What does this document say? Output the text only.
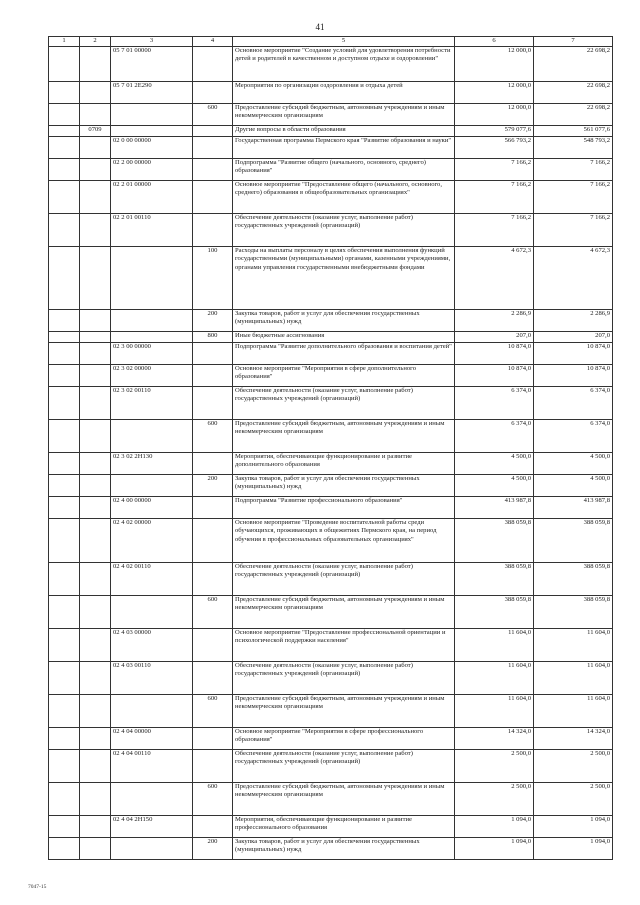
41
1	2	3	4	5	6	7
		05 7 01 00000		Основное мероприятие "Создание условий для удовлетворения потребности детей и родителей в качественном и доступном отдыхе и оздоровлении"	12 000,0	22 698,2
		05 7 01 2Е290		Мероприятия по организации оздоровления и отдыха детей	12 000,0	22 698,2
			600	Предоставление субсидий бюджетным, автономным учреждениям и иным некоммерческим организациям	12 000,0	22 698,2
	0709			Другие вопросы в области образования	579 077,6	561 077,6
		02 0 00 00000		Государственная программа Пермского края "Развитие образования и науки"	566 793,2	548 793,2
		02 2 00 00000		Подпрограмма "Развитие общего (начального, основного, среднего) образования"	7 166,2	7 166,2
		02 2 01 00000		Основное мероприятие "Предоставление общего (начального, основного, среднего) образования в общеобразовательных организациях"	7 166,2	7 166,2
		02 2 01 00110		Обеспечение деятельности (оказание услуг, выполнение работ) государственных учреждений (организаций)	7 166,2	7 166,2
			100	Расходы на выплаты персоналу в целях обеспечения выполнения функций государственными (муниципальными) органами, казенными учреждениями, органами управления государственными внебюджетными фондами	4 672,3	4 672,3
			200	Закупка товаров, работ и услуг для обеспечения государственных (муниципальных) нужд	2 286,9	2 286,9
			800	Иные бюджетные ассигнования	207,0	207,0
		02 3 00 00000		Подпрограмма "Развитие дополнительного образования и воспитания детей"	10 874,0	10 874,0
		02 3 02 00000		Основное мероприятие "Мероприятия в сфере дополнительного образования"	10 874,0	10 874,0
		02 3 02 00110		Обеспечение деятельности (оказание услуг, выполнение работ) государственных учреждений (организаций)	6 374,0	6 374,0
			600	Предоставление субсидий бюджетным, автономным учреждениям и иным некоммерческим организациям	6 374,0	6 374,0
		02 3 02 2Н130		Мероприятия, обеспечивающие функционирование и развитие дополнительного образования	4 500,0	4 500,0
			200	Закупка товаров, работ и услуг для обеспечения государственных (муниципальных) нужд	4 500,0	4 500,0
		02 4 00 00000		Подпрограмма "Развитие профессионального образования"	413 987,8	413 987,8
		02 4 02 00000		Основное мероприятие "Проведение воспитательной работы среди обучающихся, проживающих в общежитиях Пермского края, на период обучения в профессиональных образовательных организациях"	388 059,8	388 059,8
		02 4 02 00110		Обеспечение деятельности (оказание услуг, выполнение работ) государственных учреждений (организаций)	388 059,8	388 059,8
			600	Предоставление субсидий бюджетным, автономным учреждениям и иным некоммерческим организациям	388 059,8	388 059,8
		02 4 03 00000		Основное мероприятие "Предоставление профессиональной ориентации и психологической поддержки населения"	11 604,0	11 604,0
		02 4 03 00110		Обеспечение деятельности (оказание услуг, выполнение работ) государственных учреждений (организаций)	11 604,0	11 604,0
			600	Предоставление субсидий бюджетным, автономным учреждениям и иным некоммерческим организациям	11 604,0	11 604,0
		02 4 04 00000		Основное мероприятие "Мероприятия в сфере профессионального образования"	14 324,0	14 324,0
		02 4 04 00110		Обеспечение деятельности (оказание услуг, выполнение работ) государственных учреждений (организаций)	2 500,0	2 500,0
			600	Предоставление субсидий бюджетным, автономным учреждениям и иным некоммерческим организациям	2 500,0	2 500,0
		02 4 04 2Н150		Мероприятия, обеспечивающие функционирование и развитие профессионального образования	1 094,0	1 094,0
			200	Закупка товаров, работ и услуг для обеспечения государственных (муниципальных) нужд	1 094,0	1 094,0
7047-15
